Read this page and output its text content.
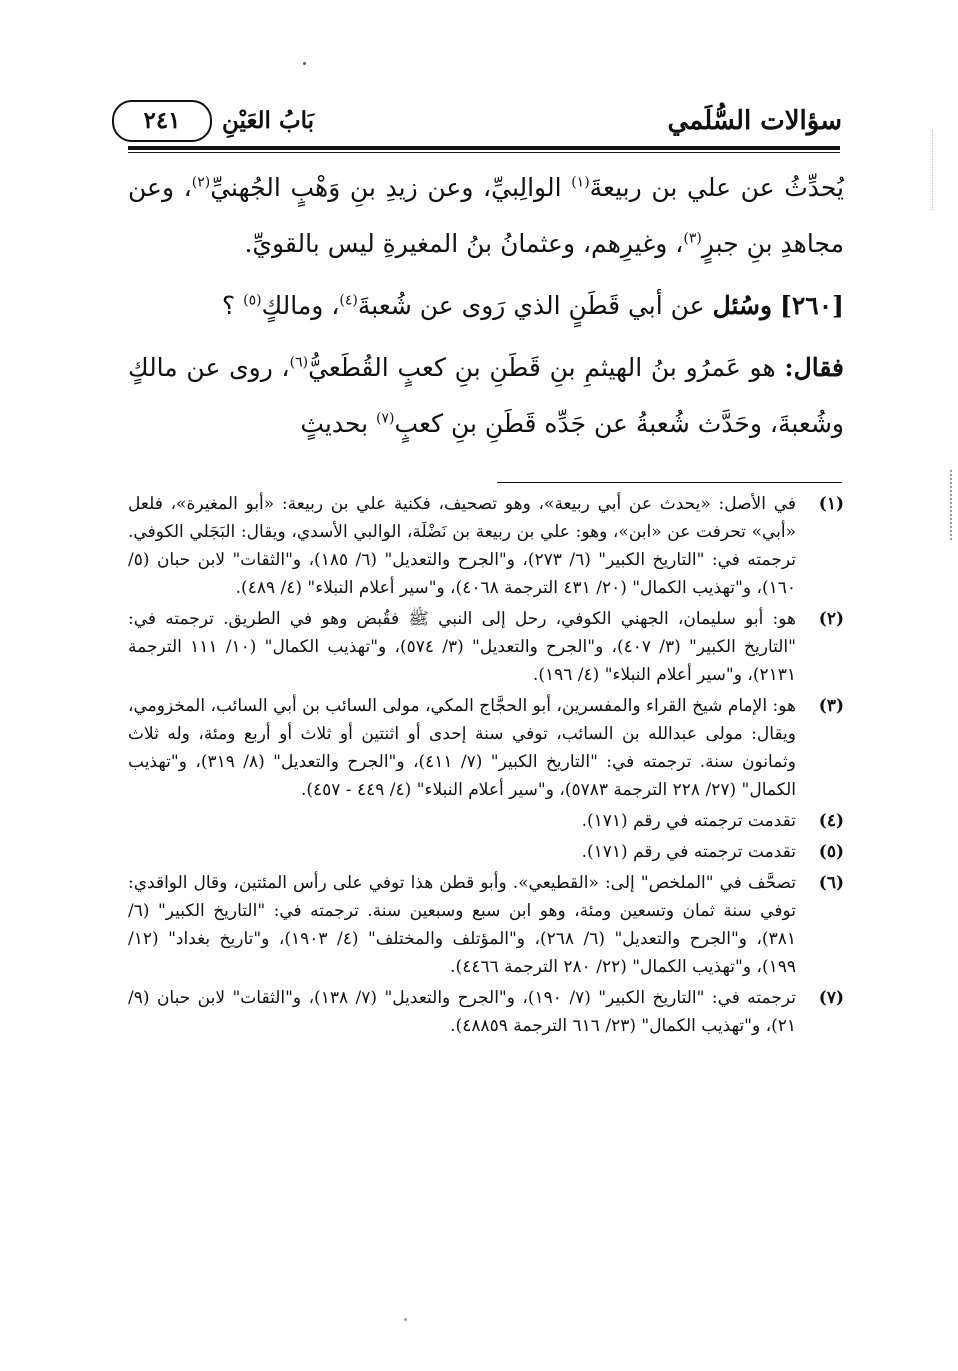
سؤالات السُّلَمي
بَابُ العَيْنِ
٢٤١

يُحدِّثُ عن علي بن ربيعةَ$^{(١)}$ الوالِبيِّ، وعن زيدِ بنِ وَهْبٍ الجُهنيِّ$^{(٢)}$، وعن مجاهدِ بنِ جبرٍ$^{(٣)}$، وغيرِهم، وعثمانُ بنُ المغيرةِ ليس بالقويِّ.

[٢٦٠] وسُئل عن أبي قَطَنٍ الذي رَوى عن شُعبةَ$^{(٤)}$، ومالكٍ$^{(٥)}$ ؟

فقال: هو عَمرُو بنُ الهيثمِ بنِ قَطَنِ بنِ كعبٍ القُطَعيُّ$^{(٦)}$، روى عن مالكٍ وشُعبةَ، وحَدَّث شُعبةُ عن جَدِّه قَطَنِ بنِ كعبٍ$^{(٧)}$ بحديثٍ

(١)
في الأصل: «يحدث عن أبي ربيعة»، وهو تصحيف، فكنية علي بن ربيعة: «أبو المغيرة»، فلعل «أبي» تحرفت عن «ابن»، وهو: علي بن ربيعة بن نَضْلَة، الوالبي الأسدي، ويقال: البَجَلي الكوفي. ترجمته في: "التاريخ الكبير" (٦/ ٢٧٣)، و"الجرح والتعديل" (٦/ ١٨٥)، و"الثقات" لابن حبان (٥/ ١٦٠)، و"تهذيب الكمال" (٢٠/ ٤٣١ الترجمة ٤٠٦٨)، و"سير أعلام النبلاء" (٤/ ٤٨٩).
(٢)
هو: أبو سليمان، الجهني الكوفي، رحل إلى النبي ﷺ فقُبض وهو في الطريق. ترجمته في: "التاريخ الكبير" (٣/ ٤٠٧)، و"الجرح والتعديل" (٣/ ٥٧٤)، و"تهذيب الكمال" (١٠/ ١١١ الترجمة ٢١٣١)، و"سير أعلام النبلاء" (٤/ ١٩٦).
(٣)
هو: الإمام شيخ القراء والمفسرين، أبو الحجَّاج المكي، مولى السائب بن أبي السائب، المخزومي، ويقال: مولى عبدالله بن السائب، توفي سنة إحدى أو اثنتين أو ثلاث أو أربع ومئة، وله ثلاث وثمانون سنة. ترجمته في: "التاريخ الكبير" (٧/ ٤١١)، و"الجرح والتعديل" (٨/ ٣١٩)، و"تهذيب الكمال" (٢٧/ ٢٢٨ الترجمة ٥٧٨٣)، و"سير أعلام النبلاء" (٤/ ٤٤٩ - ٤٥٧).
(٤)
تقدمت ترجمته في رقم (١٧١).
(٥)
تقدمت ترجمته في رقم (١٧١).
(٦)
تصحَّف في "الملخص" إلى: «القطيعي». وأبو قطن هذا توفي على رأس المئتين، وقال الواقدي: توفي سنة ثمان وتسعين ومئة، وهو ابن سبع وسبعين سنة. ترجمته في: "التاريخ الكبير" (٦/ ٣٨١)، و"الجرح والتعديل" (٦/ ٢٦٨)، و"المؤتلف والمختلف" (٤/ ١٩٠٣)، و"تاريخ بغداد" (١٢/ ١٩٩)، و"تهذيب الكمال" (٢٢/ ٢٨٠ الترجمة ٤٤٦٦).
(٧)
ترجمته في: "التاريخ الكبير" (٧/ ١٩٠)، و"الجرح والتعديل" (٧/ ١٣٨)، و"الثقات" لابن حبان (٩/ ٢١)، و"تهذيب الكمال" (٢٣/ ٦١٦ الترجمة ٤٨٨٥٩).
